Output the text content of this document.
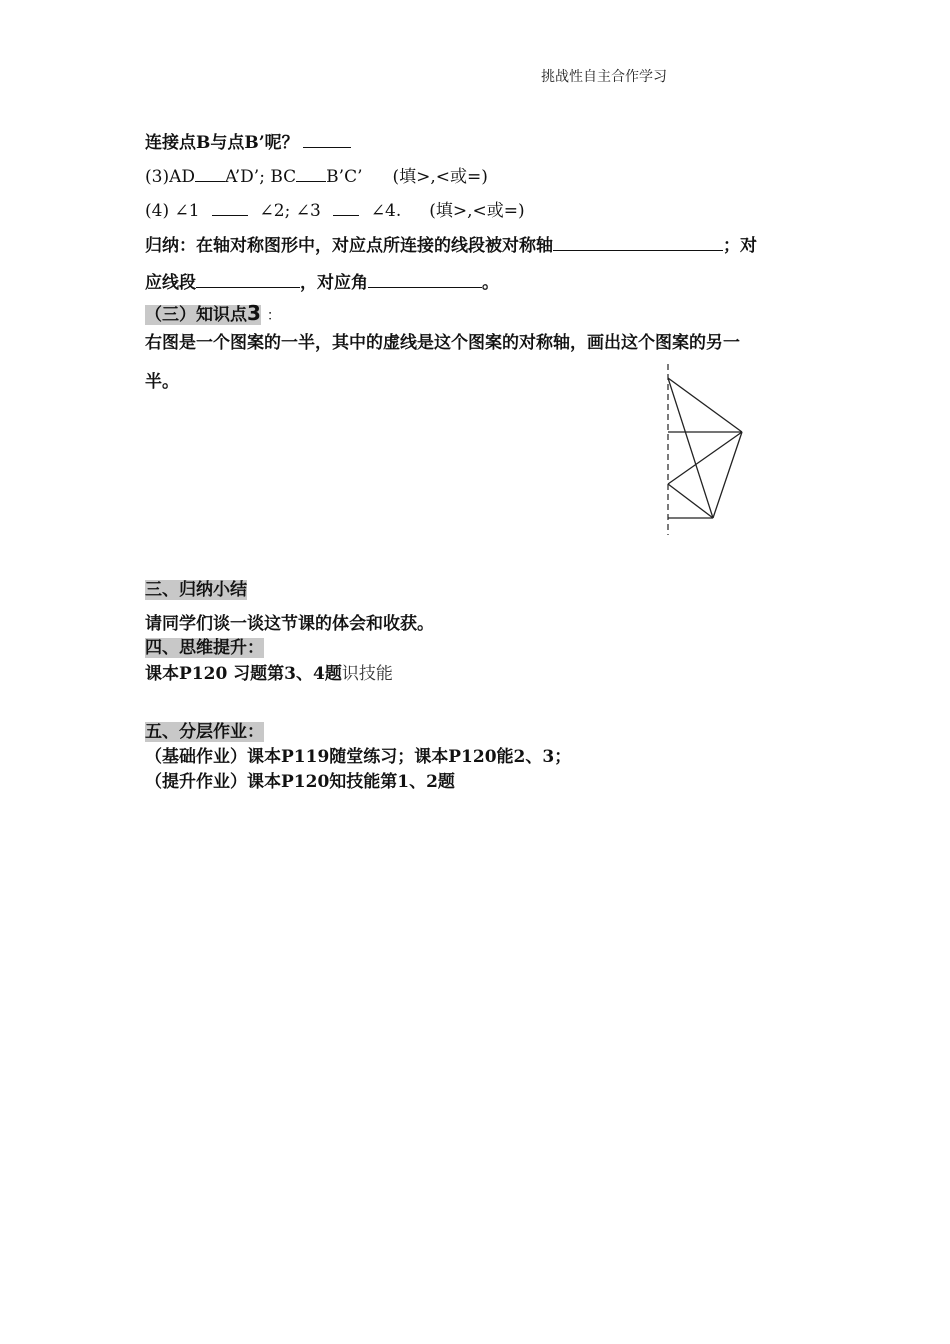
挑战性自主合作学习
连接点B与点B’呢？
(3)AD A’D’; BC B’C’ (填>,<或=)
(4) ∠1	∠2; ∠3	∠4. (填>,<或=)
归纳：在轴对称图形中，对应点所连接的线段被对称轴	；对
应线段	，对应角	。
（三）知识点3 ：
右图是一个图案的一半，其中的虚线是这个图案的对称轴，画出这个图案的另一
半。
三、归纳小结
请同学们谈一谈这节课的体会和收获。
四、思维提升：
课本P120 习题第3、4题识技能
五、分层作业：
（基础作业）课本P119随堂练习；课本P120能2、3；
（提升作业）课本P120知技能第1、2题
